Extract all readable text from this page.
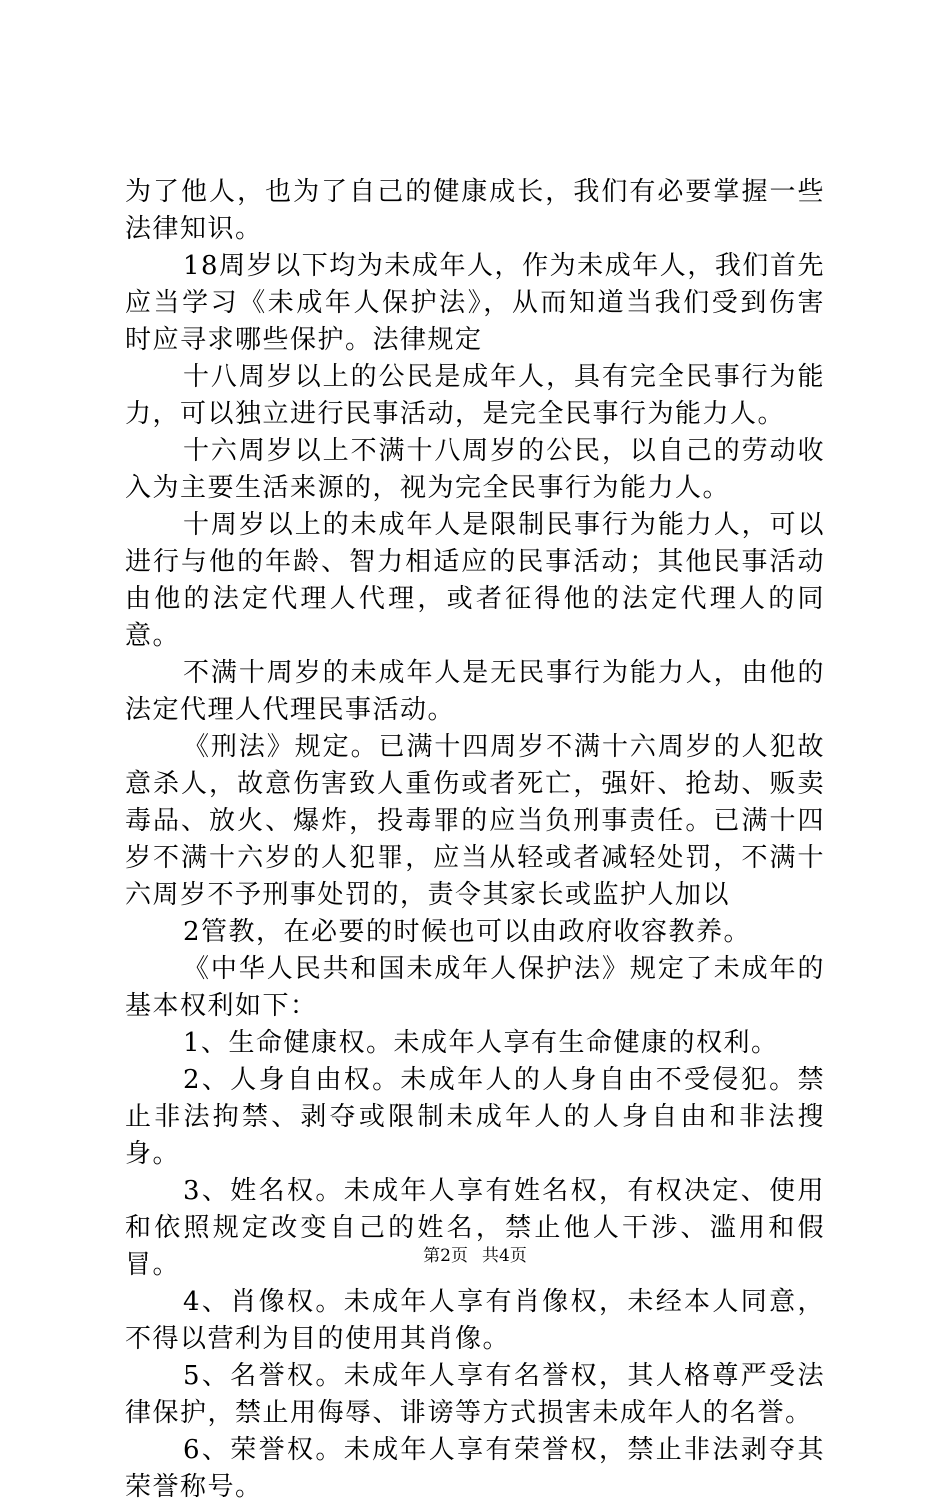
为了他人，也为了自己的健康成长，我们有必要掌握一些法律知识。

18周岁以下均为未成年人，作为未成年人，我们首先应当学习《未成年人保护法》，从而知道当我们受到伤害时应寻求哪些保护。法律规定

十八周岁以上的公民是成年人，具有完全民事行为能力，可以独立进行民事活动，是完全民事行为能力人。

十六周岁以上不满十八周岁的公民，以自己的劳动收入为主要生活来源的，视为完全民事行为能力人。

十周岁以上的未成年人是限制民事行为能力人，可以进行与他的年龄、智力相适应的民事活动；其他民事活动由他的法定代理人代理，或者征得他的法定代理人的同意。

不满十周岁的未成年人是无民事行为能力人，由他的法定代理人代理民事活动。

《刑法》规定。已满十四周岁不满十六周岁的人犯故意杀人，故意伤害致人重伤或者死亡，强奸、抢劫、贩卖毒品、放火、爆炸，投毒罪的应当负刑事责任。已满十四岁不满十六岁的人犯罪，应当从轻或者减轻处罚，不满十六周岁不予刑事处罚的，责令其家长或监护人加以

2管教，在必要的时候也可以由政府收容教养。

《中华人民共和国未成年人保护法》规定了未成年的基本权利如下：

1、生命健康权。未成年人享有生命健康的权利。

2、人身自由权。未成年人的人身自由不受侵犯。禁止非法拘禁、剥夺或限制未成年人的人身自由和非法搜身。

3、姓名权。未成年人享有姓名权，有权决定、使用和依照规定改变自己的姓名，禁止他人干涉、滥用和假冒。

4、肖像权。未成年人享有肖像权，未经本人同意，不得以营利为目的使用其肖像。

5、名誉权。未成年人享有名誉权，其人格尊严受法律保护，禁止用侮辱、诽谤等方式损害未成年人的名誉。

6、荣誉权。未成年人享有荣誉权，禁止非法剥夺其荣誉称号。

第2页 共4页
